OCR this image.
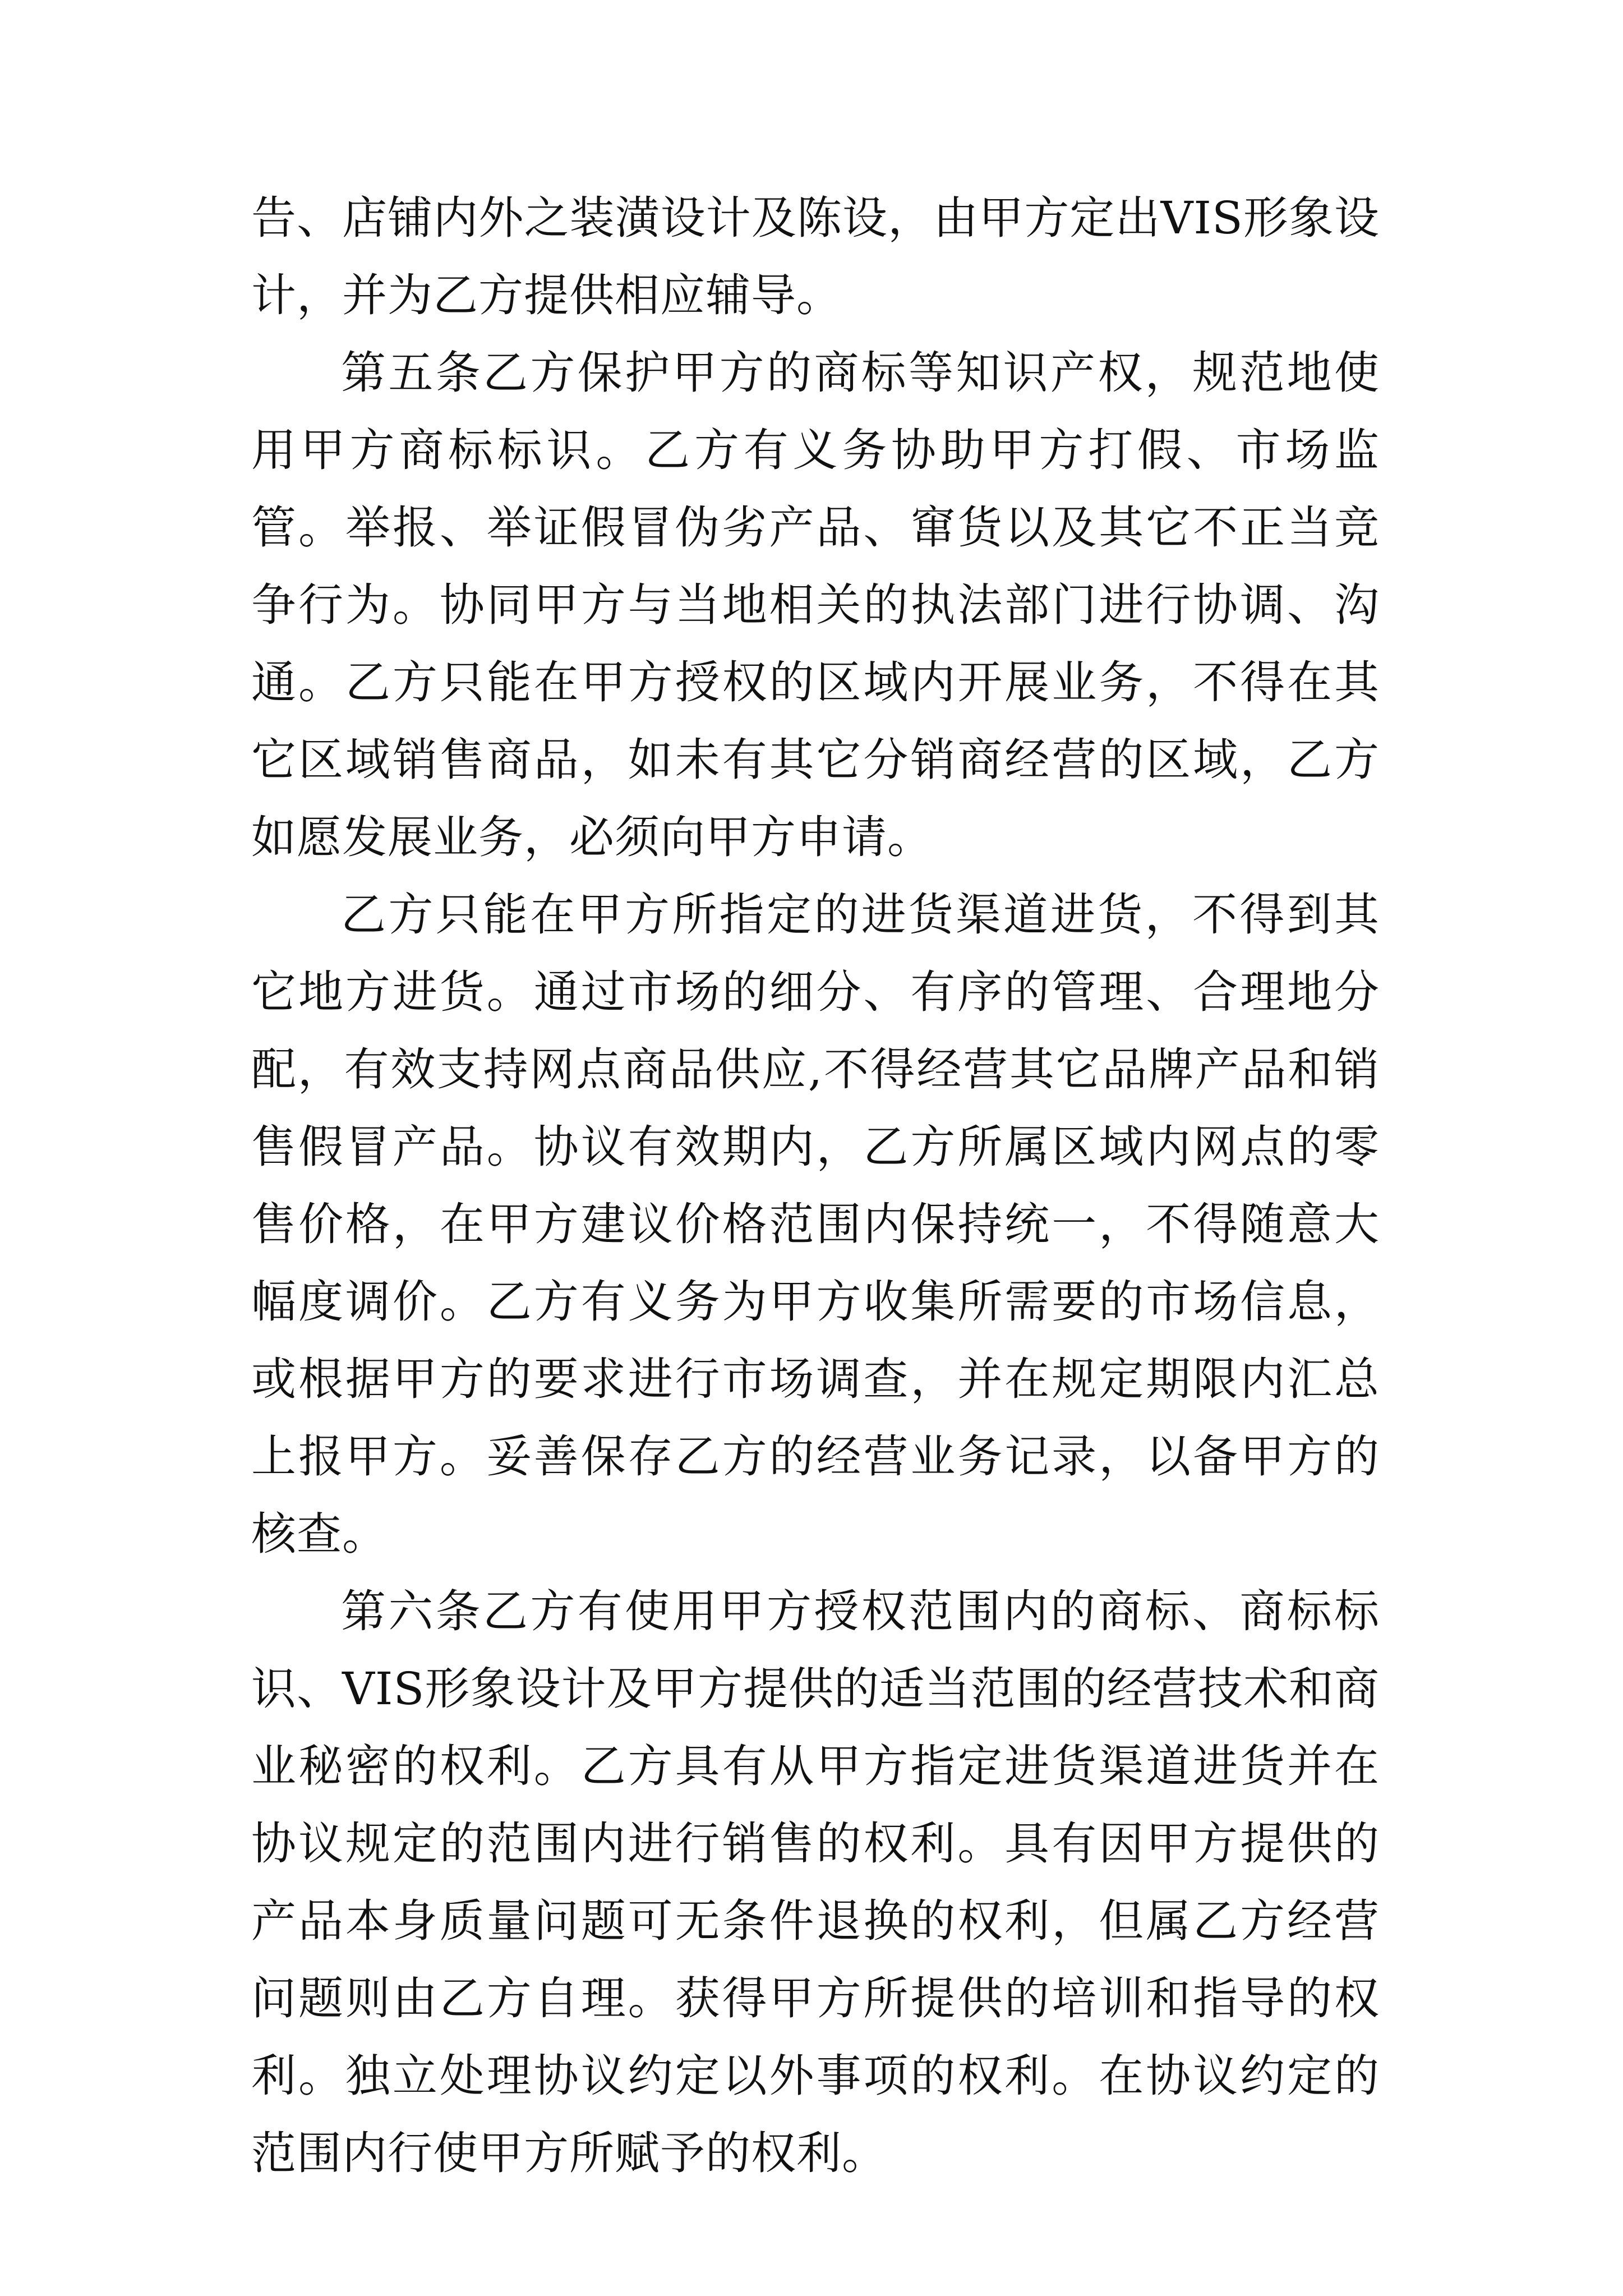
告、店铺内外之装潢设计及陈设，由甲方定出VIS形象设计，并为乙方提供相应辅导。

第五条乙方保护甲方的商标等知识产权，规范地使用甲方商标标识。乙方有义务协助甲方打假、市场监管。举报、举证假冒伪劣产品、窜货以及其它不正当竞争行为。协同甲方与当地相关的执法部门进行协调、沟通。乙方只能在甲方授权的区域内开展业务，不得在其它区域销售商品，如未有其它分销商经营的区域，乙方如愿发展业务，必须向甲方申请。

乙方只能在甲方所指定的进货渠道进货，不得到其它地方进货。通过市场的细分、有序的管理、合理地分配，有效支持网点商品供应,不得经营其它品牌产品和销售假冒产品。协议有效期内，乙方所属区域内网点的零售价格，在甲方建议价格范围内保持统一，不得随意大幅度调价。乙方有义务为甲方收集所需要的市场信息，或根据甲方的要求进行市场调查，并在规定期限内汇总上报甲方。妥善保存乙方的经营业务记录，以备甲方的核查。

第六条乙方有使用甲方授权范围内的商标、商标标识、VIS形象设计及甲方提供的适当范围的经营技术和商业秘密的权利。乙方具有从甲方指定进货渠道进货并在协议规定的范围内进行销售的权利。具有因甲方提供的产品本身质量问题可无条件退换的权利，但属乙方经营问题则由乙方自理。获得甲方所提供的培训和指导的权利。独立处理协议约定以外事项的权利。在协议约定的范围内行使甲方所赋予的权利。
